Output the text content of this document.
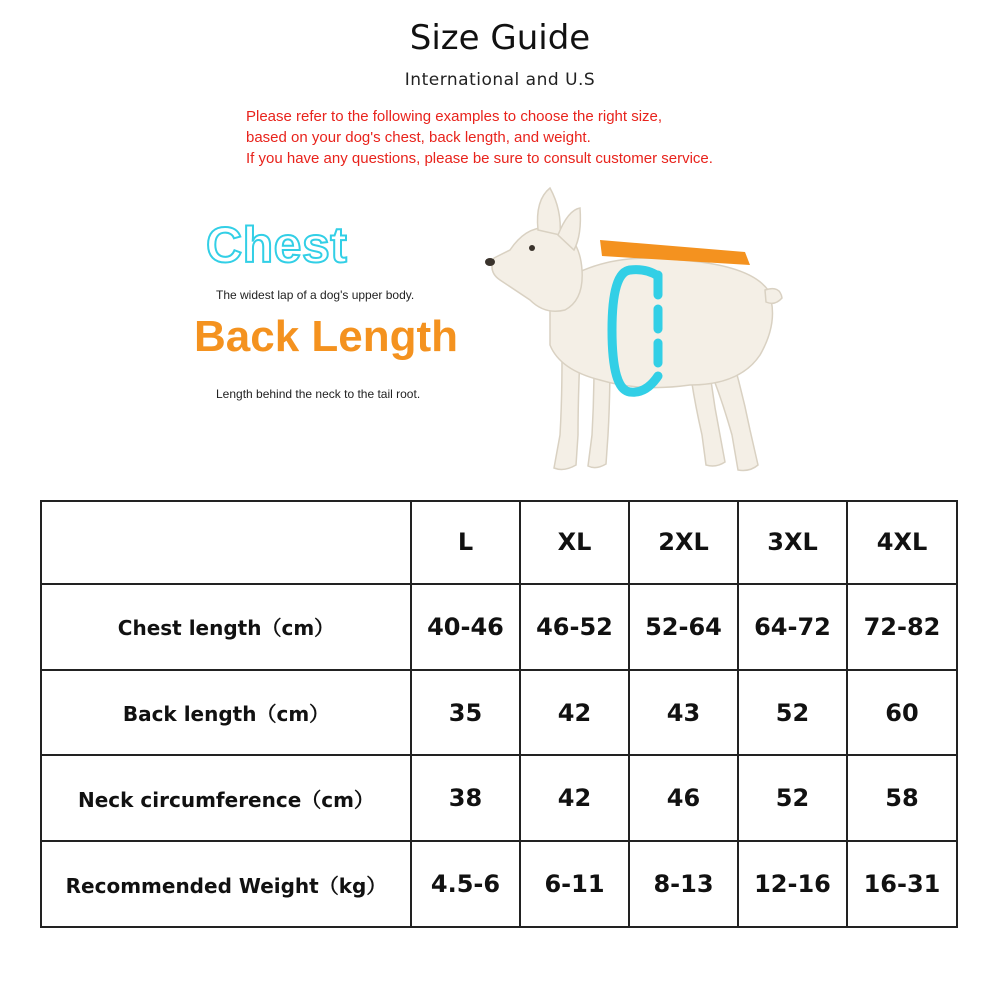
Size Guide
International and U.S
Please refer to the following examples to choose the right size,
based on your dog's chest, back length, and weight.
If you have any questions, please be sure to consult customer service.
Chest
The widest lap of a dog's upper body.
Back Length
Length behind the neck to the tail root.
	L	XL	2XL	3XL	4XL
Chest length（cm）	40-46	46-52	52-64	64-72	72-82
Back length（cm）	35	42	43	52	60
Neck circumference（cm）	38	42	46	52	58
Recommended Weight（kg）	4.5-6	6-11	8-13	12-16	16-31
